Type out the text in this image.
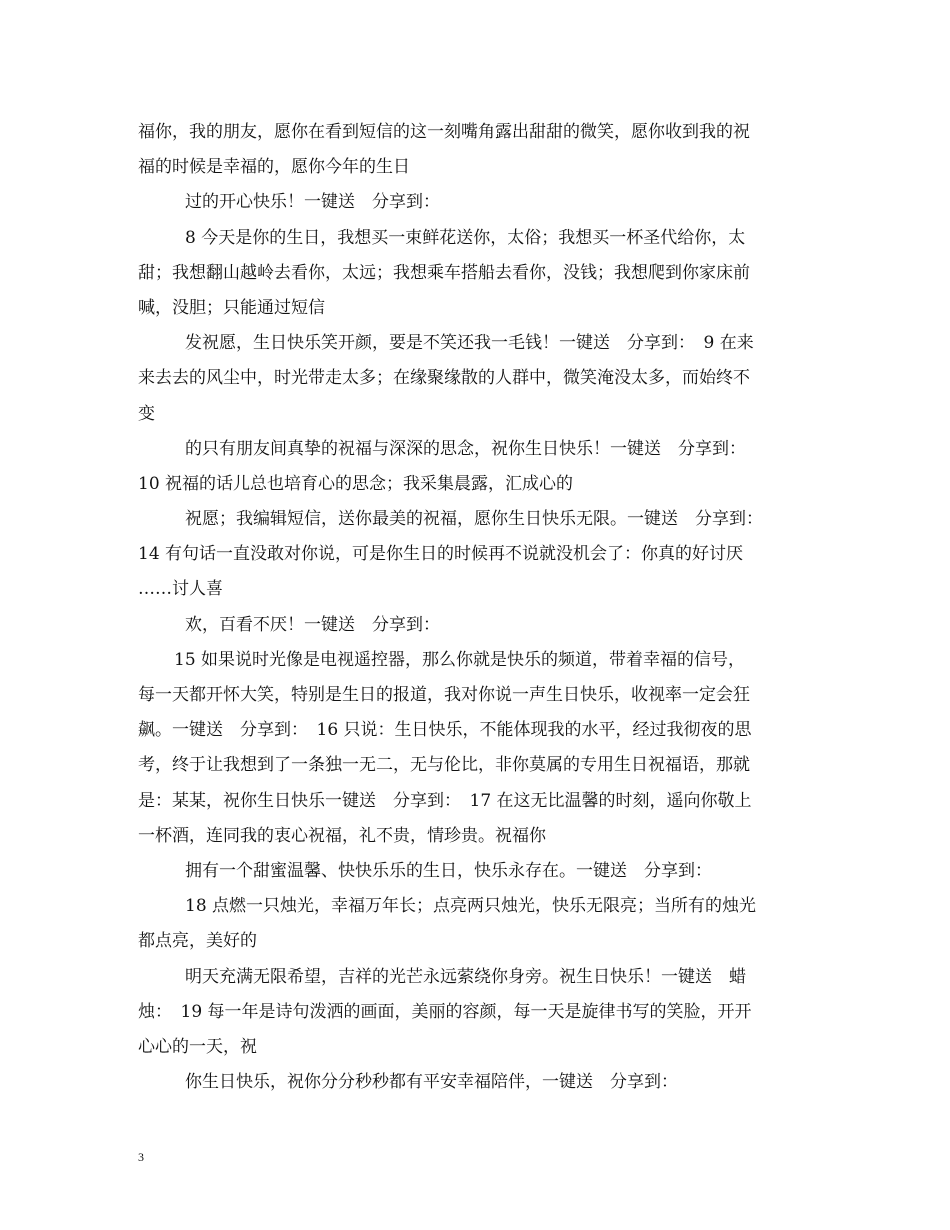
福你，我的朋友，愿你在看到短信的这一刻嘴角露出甜甜的微笑，愿你收到我的祝
福的时候是幸福的，愿你今年的生日
过的开心快乐！一键送　分享到：
8 今天是你的生日，我想买一束鲜花送你，太俗；我想买一杯圣代给你，太
甜；我想翻山越岭去看你，太远；我想乘车搭船去看你，没钱；我想爬到你家床前
喊，没胆；只能通过短信
发祝愿，生日快乐笑开颜，要是不笑还我一毛钱！一键送　分享到：　9 在来
来去去的风尘中，时光带走太多；在缘聚缘散的人群中，微笑淹没太多，而始终不
变
的只有朋友间真挚的祝福与深深的思念，祝你生日快乐！一键送　分享到：
10 祝福的话儿总也培育心的思念；我采集晨露，汇成心的
祝愿；我编辑短信，送你最美的祝福，愿你生日快乐无限。一键送　分享到：
14 有句话一直没敢对你说，可是你生日的时候再不说就没机会了：你真的好讨厌
……讨人喜
欢，百看不厌！一键送　分享到：
15 如果说时光像是电视遥控器，那么你就是快乐的频道，带着幸福的信号，
每一天都开怀大笑，特别是生日的报道，我对你说一声生日快乐，收视率一定会狂
飙。一键送　分享到：　16 只说：生日快乐，不能体现我的水平，经过我彻夜的思
考，终于让我想到了一条独一无二，无与伦比，非你莫属的专用生日祝福语，那就
是：某某，祝你生日快乐一键送　分享到：　17 在这无比温馨的时刻，遥向你敬上
一杯酒，连同我的衷心祝福，礼不贵，情珍贵。祝福你
拥有一个甜蜜温馨、快快乐乐的生日，快乐永存在。一键送　分享到：
18 点燃一只烛光，幸福万年长；点亮两只烛光，快乐无限亮；当所有的烛光
都点亮，美好的
明天充满无限希望，吉祥的光芒永远萦绕你身旁。祝生日快乐！一键送　蜡
烛：　19 每一年是诗句泼洒的画面，美丽的容颜，每一天是旋律书写的笑脸，开开
心心的一天，祝
你生日快乐，祝你分分秒秒都有平安幸福陪伴，一键送　分享到：
3
